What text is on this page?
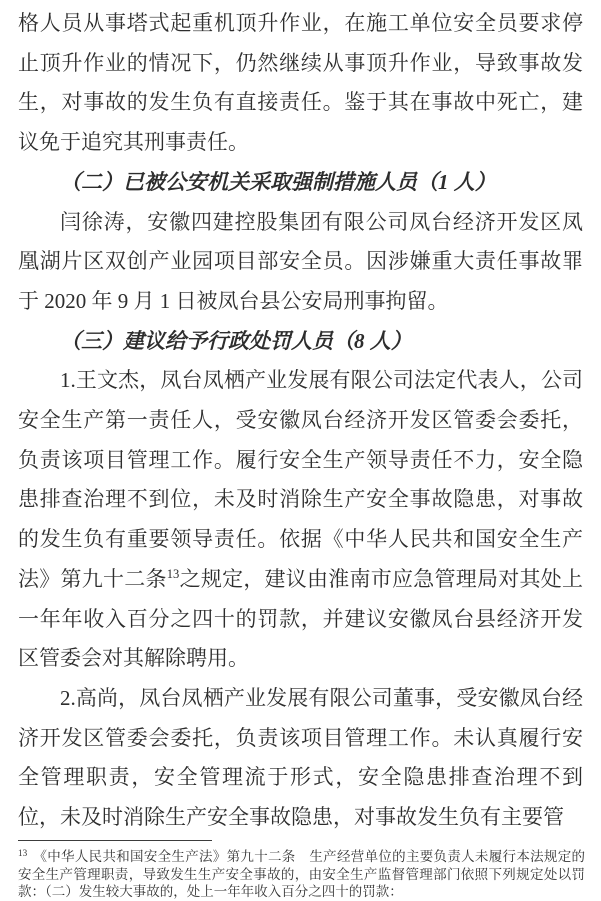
格人员从事塔式起重机顶升作业，在施工单位安全员要求停止顶升作业的情况下，仍然继续从事顶升作业，导致事故发生，对事故的发生负有直接责任。鉴于其在事故中死亡，建议免于追究其刑事责任。

（二）已被公安机关采取强制措施人员（1 人）

闫徐涛，安徽四建控股集团有限公司凤台经济开发区凤凰湖片区双创产业园项目部安全员。因涉嫌重大责任事故罪于 2020 年 9 月 1 日被凤台县公安局刑事拘留。

（三）建议给予行政处罚人员（8 人）

1.王文杰，凤台凤栖产业发展有限公司法定代表人，公司安全生产第一责任人，受安徽凤台经济开发区管委会委托，负责该项目管理工作。履行安全生产领导责任不力，安全隐患排查治理不到位，未及时消除生产安全事故隐患，对事故的发生负有重要领导责任。依据《中华人民共和国安全生产法》第九十二条$^{13}$之规定，建议由淮南市应急管理局对其处上一年年收入百分之四十的罚款，并建议安徽凤台县经济开发区管委会对其解除聘用。

2.高尚，凤台凤栖产业发展有限公司董事，受安徽凤台经济开发区管委会委托，负责该项目管理工作。未认真履行安全管理职责，安全管理流于形式，安全隐患排查治理不到位，未及时消除生产安全事故隐患，对事故发生负有主要管

$^{13}$ 《中华人民共和国安全生产法》第九十二条　生产经营单位的主要负责人未履行本法规定的安全生产管理职责，导致发生生产安全事故的，由安全生产监督管理部门依照下列规定处以罚款：（二）发生较大事故的，处上一年年收入百分之四十的罚款：
